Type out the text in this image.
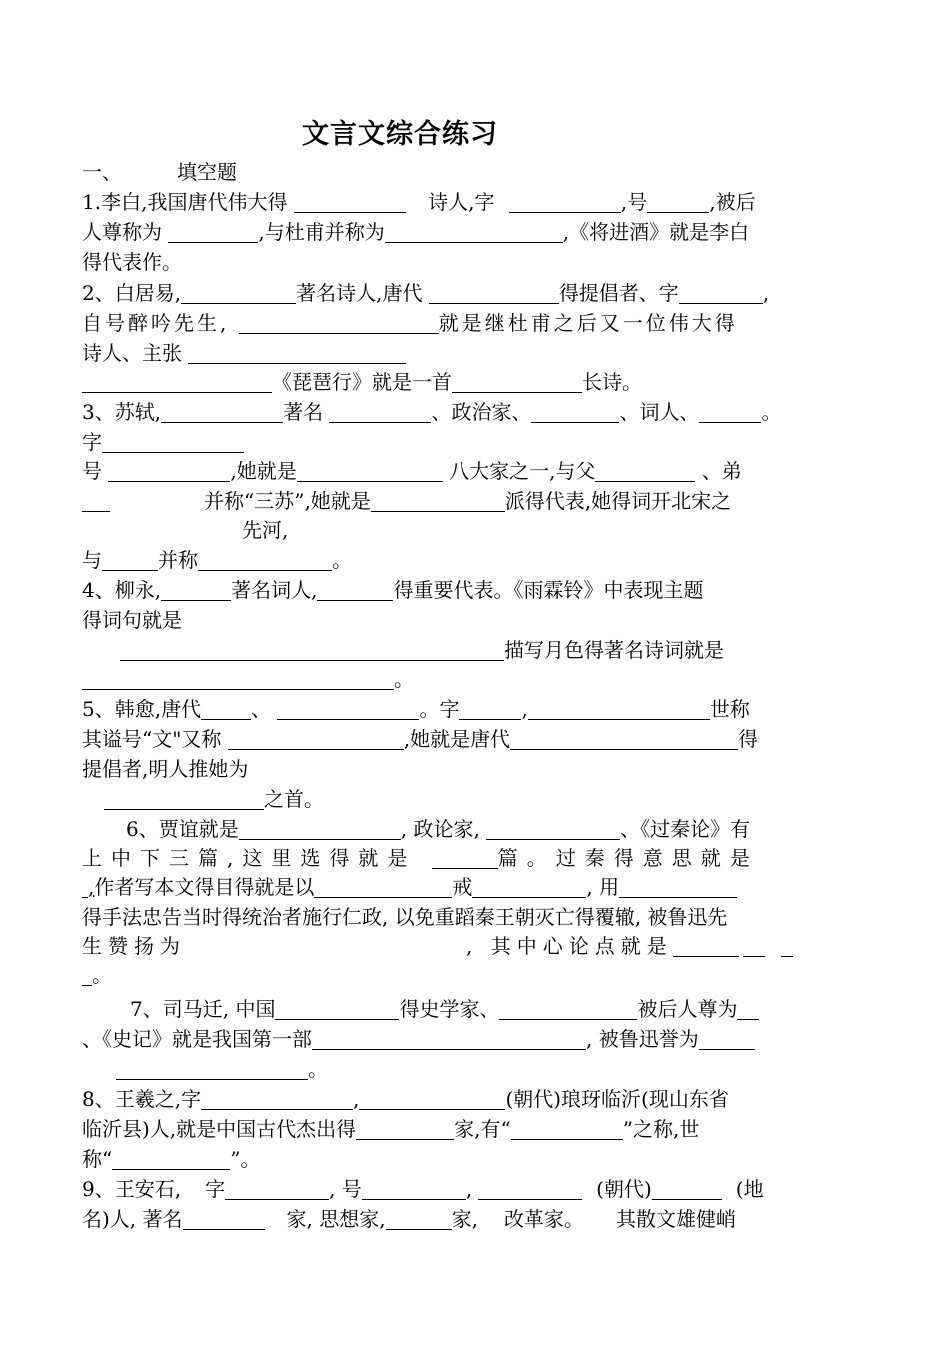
文言文综合练习
一、	填空题
1.李白,我国唐代伟大得	诗人,字	,号	,被后
人尊称为	,与杜甫并称为	,《将进酒》就是李白
得代表作。
2、白居易,	著名诗人,唐代	得提倡者、字	,
自号醉吟先生,	就是继杜甫之后又一位伟大得
诗人、主张
《琵琶行》就是一首	长诗。
3、苏轼,	著名	、政治家、	、词人、	。
字
号	,她就是	八大家之一,与父	、弟
并称“三苏”,她就是	派得代表,她得词开北宋之
先河,
与	并称	。
4、柳永,	著名词人,	得重要代表。《雨霖铃》中表现主题
得词句就是
描写月色得著名诗词就是
。
5、韩愈,唐代	、	。字	,	世称
其谥号“文"又称	,她就是唐代	得
提倡者,明人推她为
之首。
6、贾谊就是	, 政论家,	、《过秦论》有
上中下三篇,这里选得就是	篇。过秦得意思就是
,作者写本文得目得就是以	戒	, 用
得手法忠告当时得统治者施行仁政, 以免重蹈秦王朝灭亡得覆辙, 被鲁迅先
生赞扬为	, 其中心论点就是
。
7、司马迁, 中国	得史学家、	被后人尊为
、《史记》就是我国第一部	, 被鲁迅誉为
。
8、王羲之,字	,	(朝代)琅玡临沂(现山东省
临沂县)人,就是中国古代杰出得	家,有“	”之称,世
称“	”。
9、王安石, 字	, 号	,	(朝代)	(地
名)人, 著名	家, 思想家,	家, 改革家。 其散文雄健峭
